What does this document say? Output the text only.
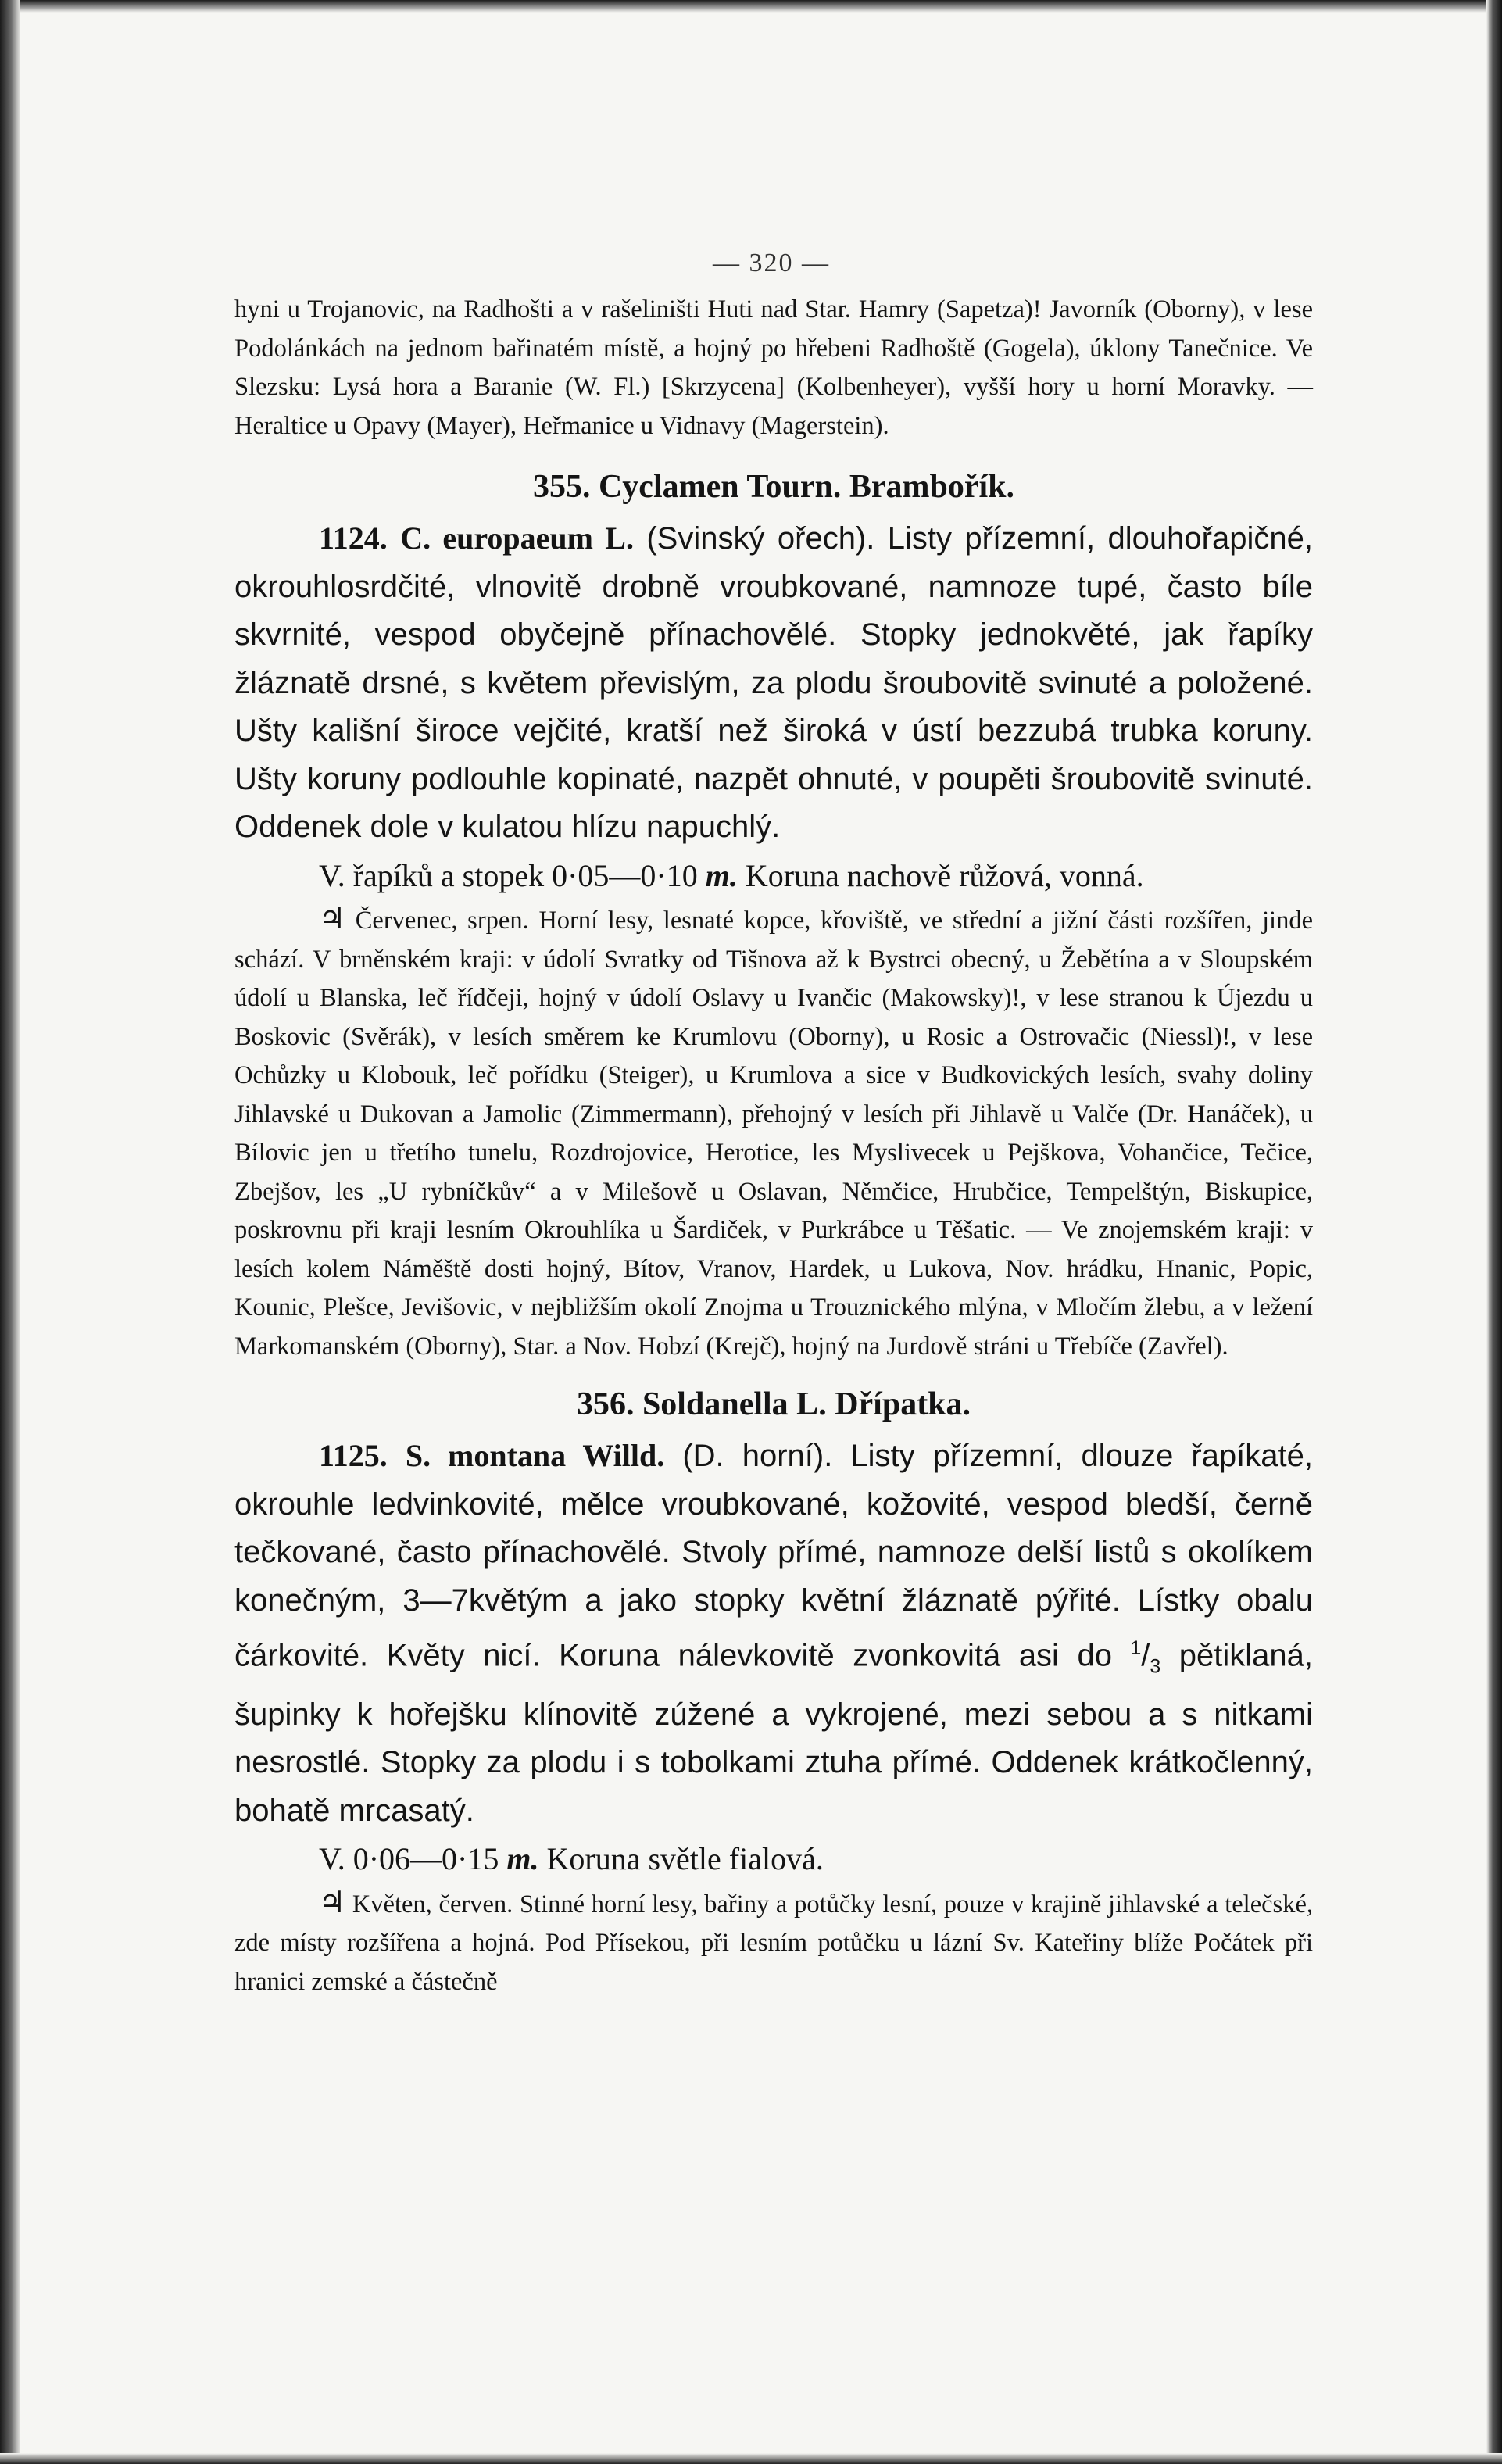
— 320 —

hyni u Trojanovic, na Radhošti a v rašeliništi Huti nad Star. Hamry (Sapetza)! Javorník (Oborny), v lese Podolánkách na jednom bařinatém místě, a hojný po hřebeni Radhoště (Gogela), úklony Tanečnice. Ve Slezsku: Lysá hora a Baranie (W. Fl.) [Skrzycena] (Kolbenheyer), vyšší hory u horní Moravky. — Heraltice u Opavy (Mayer), Heřmanice u Vidnavy (Magerstein).

355. Cyclamen Tourn. Brambořík.

1124. C. europaeum L. (Svinský ořech). Listy přízemní, dlouhořapičné, okrouhlosrdčité, vlnovitě drobně vroubkované, namnoze tupé, často bíle skvrnité, vespod obyčejně přínachovělé. Stopky jednokvěté, jak řapíky žláznatě drsné, s květem převislým, za plodu šroubovitě svinuté a položené. Ušty kališní široce vejčité, kratší než široká v ústí bezzubá trubka koruny. Ušty koruny podlouhle kopinaté, nazpět ohnuté, v poupěti šroubovitě svinuté. Oddenek dole v kulatou hlízu napuchlý.

V. řapíků a stopek 0·05—0·10 m. Koruna nachově růžová, vonná.

♃ Červenec, srpen. Horní lesy, lesnaté kopce, křoviště, ve střední a jižní části rozšířen, jinde schází. V brněnském kraji: v údolí Svratky od Tišnova až k Bystrci obecný, u Žebětína a v Sloupském údolí u Blanska, leč řídčeji, hojný v údolí Oslavy u Ivančic (Makowsky)!, v lese stranou k Újezdu u Boskovic (Svěrák), v lesích směrem ke Krumlovu (Oborny), u Rosic a Ostrovačic (Niessl)!, v lese Ochůzky u Klobouk, leč pořídku (Steiger), u Krumlova a sice v Budkovických lesích, svahy doliny Jihlavské u Dukovan a Jamolic (Zimmermann), přehojný v lesích při Jihlavě u Valče (Dr. Hanáček), u Bílovic jen u třetího tunelu, Rozdrojovice, Herotice, les Myslivecek u Pejškova, Vohančice, Tečice, Zbejšov, les „U rybníčkův“ a v Milešově u Oslavan, Němčice, Hrubčice, Tempelštýn, Biskupice, poskrovnu při kraji lesním Okrouhlíka u Šardiček, v Purkrábce u Těšatic. — Ve znojemském kraji: v lesích kolem Náměště dosti hojný, Bítov, Vranov, Hardek, u Lukova, Nov. hrádku, Hnanic, Popic, Kounic, Plešce, Jevišovic, v nejbližším okolí Znojma u Trouznického mlýna, v Mločím žlebu, a v ležení Markomanském (Oborny), Star. a Nov. Hobzí (Krejč), hojný na Jurdově stráni u Třebíče (Zavřel).

356. Soldanella L. Dřípatka.

1125. S. montana Willd. (D. horní). Listy přízemní, dlouze řapíkaté, okrouhle ledvinkovité, mělce vroubkované, kožovité, vespod bledší, černě tečkované, často přínachovělé. Stvoly přímé, namnoze delší listů s okolíkem konečným, 3—7květým a jako stopky květní žláznatě pýřité. Lístky obalu čárkovité. Květy nicí. Koruna nálevkovitě zvonkovitá asi do $^1/_3$ pětiklaná, šupinky k hořejšku klínovitě zúžené a vykrojené, mezi sebou a s nitkami nesrostlé. Stopky za plodu i s tobolkami ztuha přímé. Oddenek krátkočlenný, bohatě mrcasatý.

V. 0·06—0·15 m. Koruna světle fialová.

♃ Květen, červen. Stinné horní lesy, bařiny a potůčky lesní, pouze v krajině jihlavské a telečské, zde místy rozšířena a hojná. Pod Přísekou, při lesním potůčku u lázní Sv. Kateřiny blíže Počátek při hranici zemské a částečně
